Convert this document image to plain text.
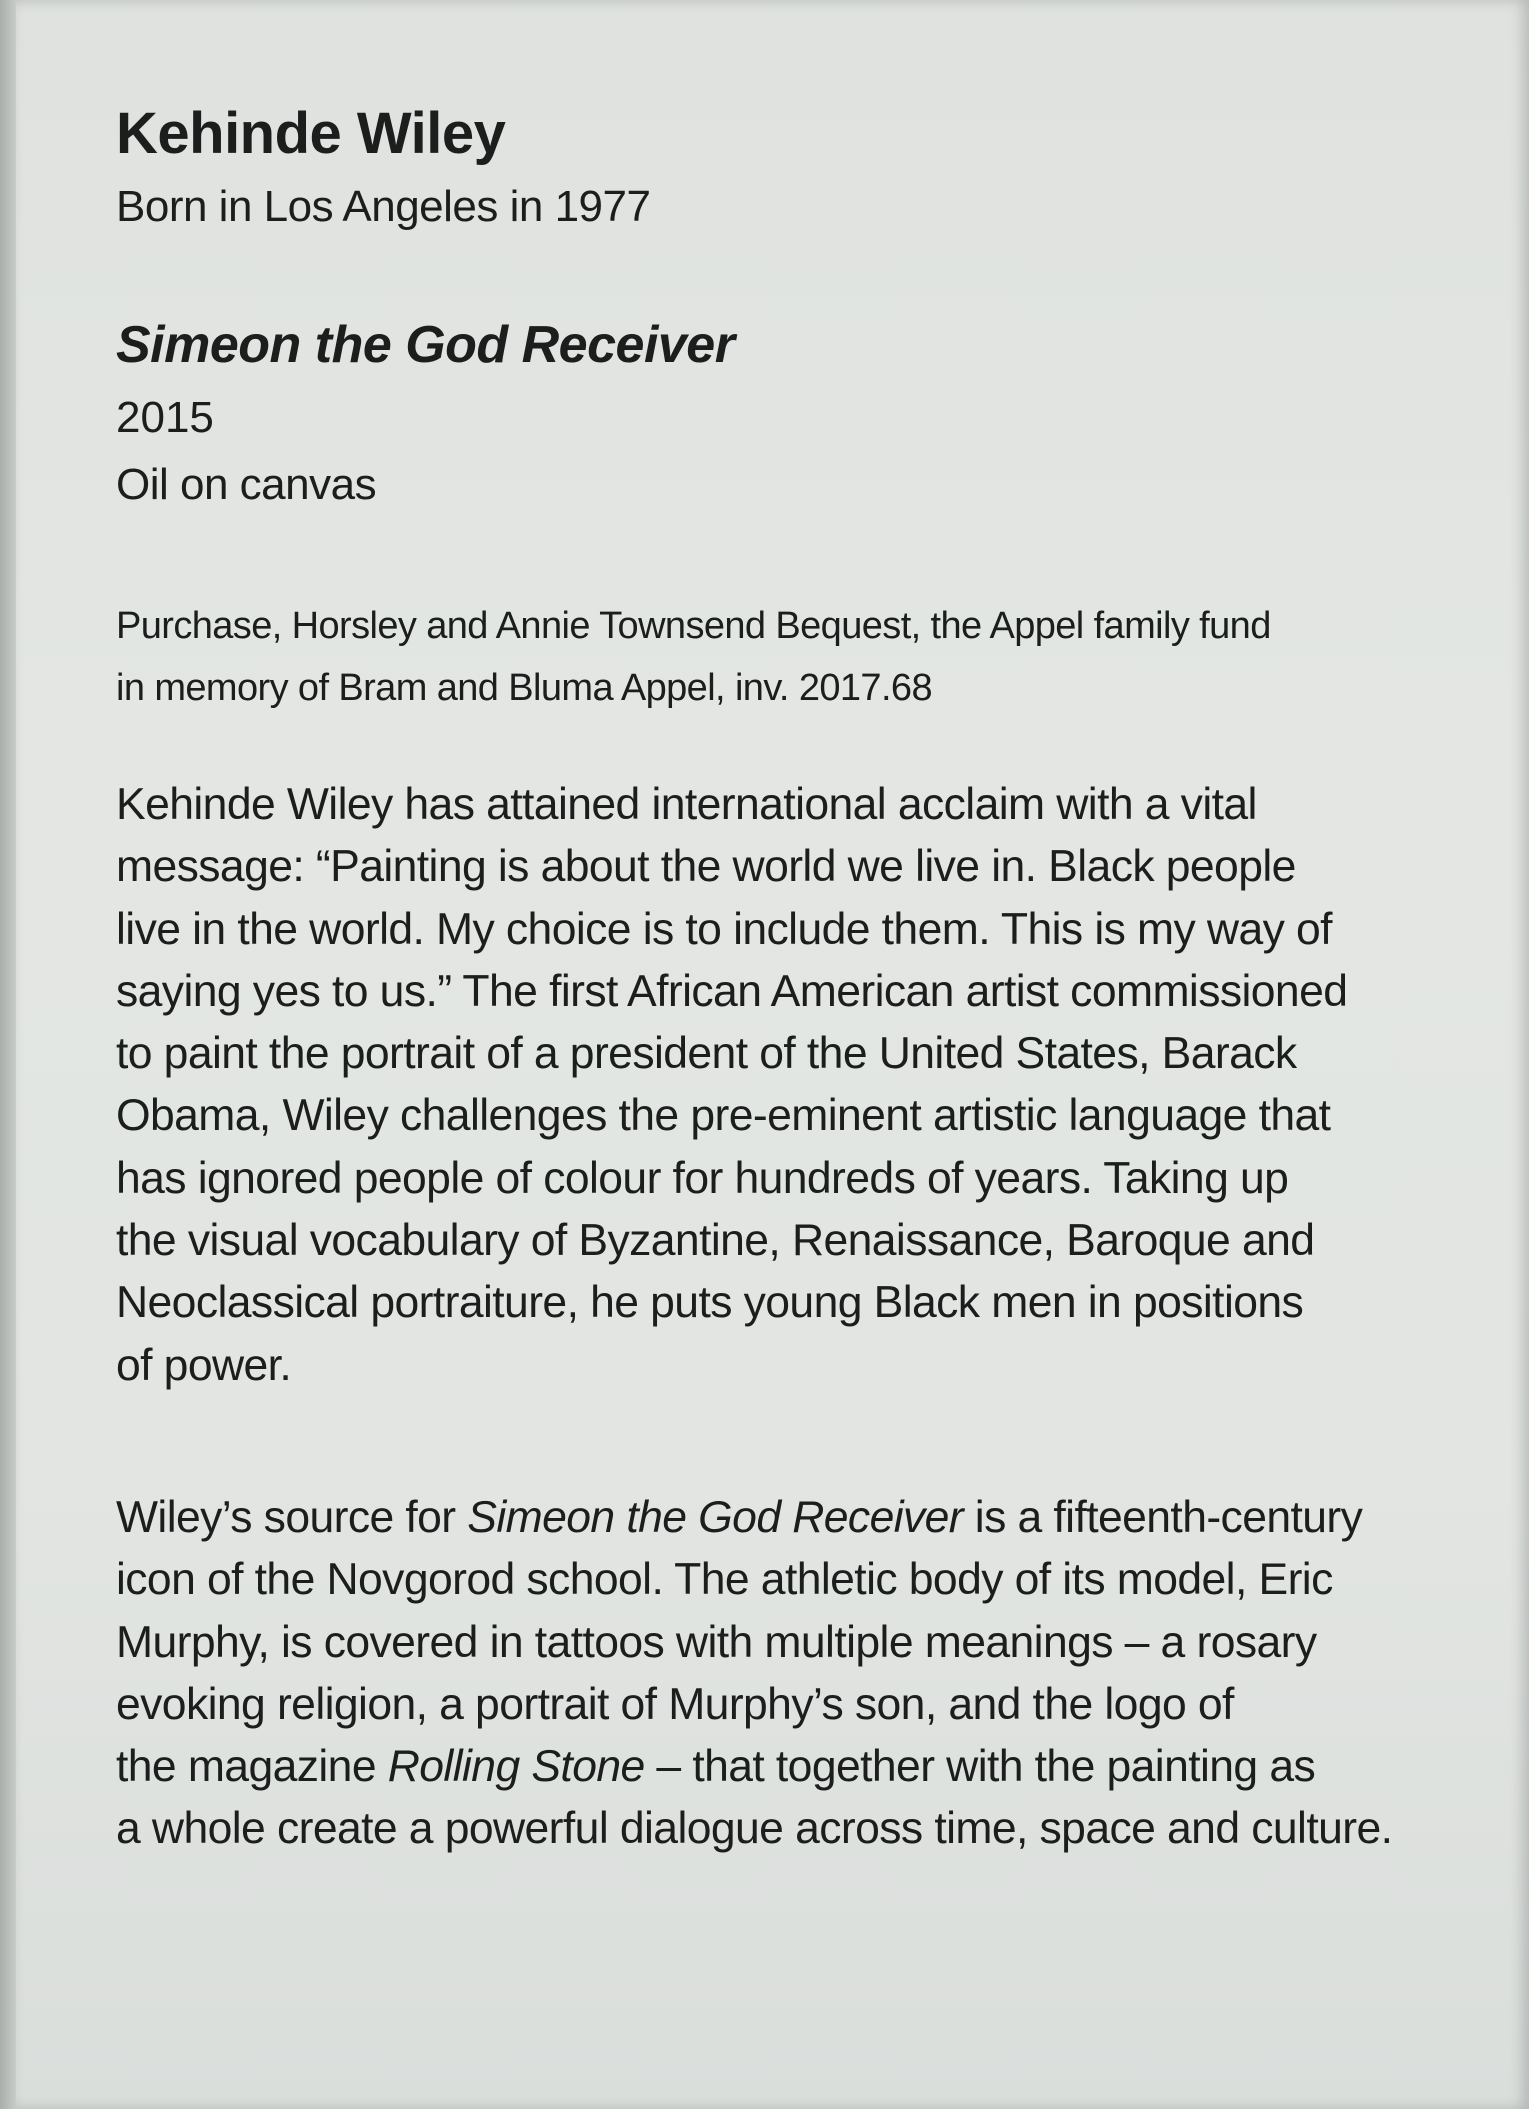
Kehinde Wiley
Born in Los Angeles in 1977
Simeon the God Receiver
2015
Oil on canvas
Purchase, Horsley and Annie Townsend Bequest, the Appel family fund
in memory of Bram and Bluma Appel, inv. 2017.68
Kehinde Wiley has attained international acclaim with a vital
message: “Painting is about the world we live in. Black people
live in the world. My choice is to include them. This is my way of
saying yes to us.” The first African American artist commissioned
to paint the portrait of a president of the United States, Barack
Obama, Wiley challenges the pre-eminent artistic language that
has ignored people of colour for hundreds of years. Taking up
the visual vocabulary of Byzantine, Renaissance, Baroque and
Neoclassical portraiture, he puts young Black men in positions
of power.
Wiley’s source for Simeon the God Receiver is a fifteenth-century
icon of the Novgorod school. The athletic body of its model, Eric
Murphy, is covered in tattoos with multiple meanings – a rosary
evoking religion, a portrait of Murphy’s son, and the logo of
the magazine Rolling Stone – that together with the painting as
a whole create a powerful dialogue across time, space and culture.
